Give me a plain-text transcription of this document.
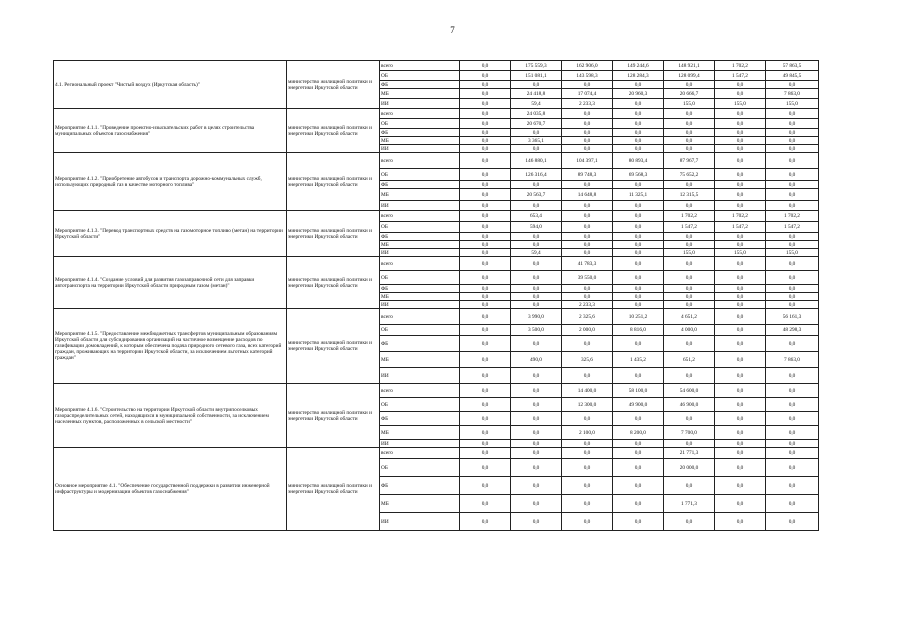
7
4.1. Региональный проект "Чистый воздух (Иркутская область)"	министерство жилищной политики и энергетики Иркутской области	всего	0,0	175 559,3	162 906,0	149 244,6	148 921,1	1 702,2	57 863,5
		ОБ	0,0	151 081,1	143 598,3	128 284,3	128 099,4	1 547,2	49 845,5
		ФБ	0,0	0,0	0,0	0,0	0,0	0,0	0,0
		МБ	0,0	24 418,8	17 074,4	20 960,3	20 666,7	0,0	7 863,0
		ИИ	0,0	59,4	2 233,3	0,0	155,0	155,0	155,0
Мероприятие 4.1.1. "Проведение проектно-изыскательских работ в целях строительства муниципальных объектов газоснабжения"	министерство жилищной политики и энергетики Иркутской области	всего	0,0	24 035,8	0,0	0,0	0,0	0,0	0,0
		ОБ	0,0	20 670,7	0,0	0,0	0,0	0,0	0,0
		ФБ	0,0	0,0	0,0	0,0	0,0	0,0	0,0
		МБ	0,0	3 365,1	0,0	0,0	0,0	0,0	0,0
		ИИ	0,0	0,0	0,0	0,0	0,0	0,0	0,0
Мероприятие 4.1.2. "Приобретение автобусов и транспорта дорожно-коммунальных служб, использующих природный газ в качестве моторного топлива"	министерство жилищной политики и энергетики Иркутской области	всего	0,0	146 880,1	104 397,1	80 893,4	87 967,7	0,0	0,0
		ОБ	0,0	126 316,4	89 748,3	69 568,3	75 652,2	0,0	0,0
		ФБ	0,0	0,0	0,0	0,0	0,0	0,0	0,0
		МБ	0,0	20 563,7	14 648,8	11 325,1	12 315,5	0,0	0,0
		ИИ	0,0	0,0	0,0	0,0	0,0	0,0	0,0
Мероприятие 4.1.3. "Перевод транспортных средств на газомоторное топливо (метан) на территории Иркутской области"	министерство жилищной политики и энергетики Иркутской области	всего	0,0	653,4	0,0	0,0	1 702,2	1 702,2	1 702,2
		ОБ	0,0	594,0	0,0	0,0	1 547,2	1 547,2	1 547,2
		ФБ	0,0	0,0	0,0	0,0	0,0	0,0	0,0
		МБ	0,0	0,0	0,0	0,0	0,0	0,0	0,0
		ИИ	0,0	59,4	0,0	0,0	155,0	155,0	155,0
Мероприятие 4.1.4. "Создание условий для развития газозаправочной сети для заправки автотранспорта на территории Иркутской области природным газом (метан)"	министерство жилищной политики и энергетики Иркутской области	всего	0,0	0,0	41 783,3	0,0	0,0	0,0	0,0
		ОБ	0,0	0,0	39 550,0	0,0	0,0	0,0	0,0
		ФБ	0,0	0,0	0,0	0,0	0,0	0,0	0,0
		МБ	0,0	0,0	0,0	0,0	0,0	0,0	0,0
		ИИ	0,0	0,0	2 233,3	0,0	0,0	0,0	0,0
Мероприятие 4.1.5. "Предоставление межбюджетных трансфертов муниципальным образованиям Иркутской области для субсидирования организаций на частичное возмещение расходов по газификации домовладений, к которым обеспечена подача природного сетевого газа, всех категорий граждан, проживающих на территории Иркутской области, за исключением льготных категорий граждан"	министерство жилищной политики и энергетики Иркутской области	всего	0,0	3 990,0	2 325,6	10 251,2	4 651,2	0,0	56 161,3
		ОБ	0,0	3 500,0	2 000,0	8 816,0	4 000,0	0,0	48 298,3
		ФБ	0,0	0,0	0,0	0,0	0,0	0,0	0,0
		МБ	0,0	490,0	325,6	1 435,2	651,2	0,0	7 863,0
		ИИ	0,0	0,0	0,0	0,0	0,0	0,0	0,0
Мероприятие 4.1.6. "Строительство на территории Иркутской области внутрипоселковых газораспределительных сетей, находящихся в муниципальной собственности, за исключением населенных пунктов, расположенных в сельской местности"	министерство жилищной политики и энергетики Иркутской области	всего	0,0	0,0	14 400,0	58 100,0	54 600,0	0,0	0,0
		ОБ	0,0	0,0	12 300,0	49 900,0	46 900,0	0,0	0,0
		ФБ	0,0	0,0	0,0	0,0	0,0	0,0	0,0
		МБ	0,0	0,0	2 100,0	8 200,0	7 700,0	0,0	0,0
		ИИ	0,0	0,0	0,0	0,0	0,0	0,0	0,0
Основное мероприятие 4.1. "Обеспечение государственной поддержки в развитии инженерной инфраструктуры и модернизации объектов газоснабжения"	министерство жилищной политики и энергетики Иркутской области	всего	0,0	0,0	0,0	0,0	21 771,3	0,0	0,0
		ОБ	0,0	0,0	0,0	0,0	20 000,0	0,0	0,0
		ФБ	0,0	0,0	0,0	0,0	0,0	0,0	0,0
		МБ	0,0	0,0	0,0	0,0	1 771,3	0,0	0,0
		ИИ	0,0	0,0	0,0	0,0	0,0	0,0	0,0
